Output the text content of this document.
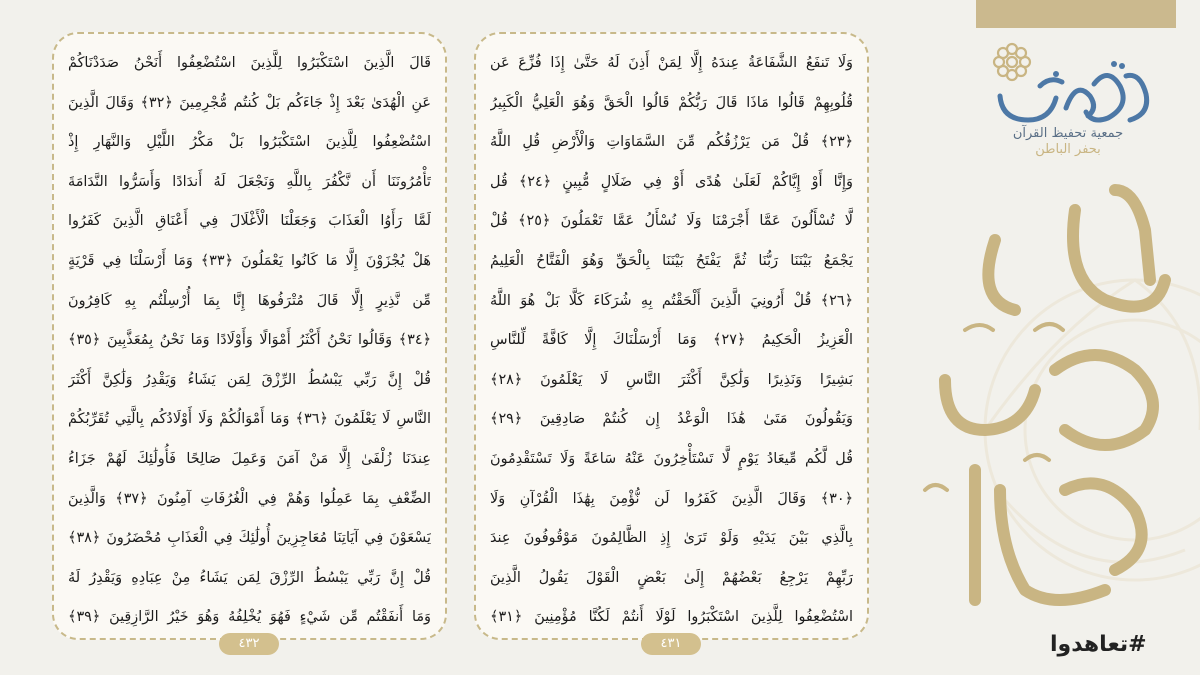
قَالَ الَّذِينَ اسْتَكْبَرُوا لِلَّذِينَ اسْتُضْعِفُوا أَنَحْنُ صَدَدْنَاكُمْ
عَنِ الْهُدَىٰ بَعْدَ إِذْ جَاءَكُم بَلْ كُنتُم مُّجْرِمِينَ ﴿٣٢﴾ وَقَالَ الَّذِينَ
اسْتُضْعِفُوا لِلَّذِينَ اسْتَكْبَرُوا بَلْ مَكْرُ اللَّيْلِ وَالنَّهَارِ إِذْ
تَأْمُرُونَنَا أَن نَّكْفُرَ بِاللَّهِ وَنَجْعَلَ لَهُ أَندَادًا وَأَسَرُّوا النَّدَامَةَ
لَمَّا رَأَوُا الْعَذَابَ وَجَعَلْنَا الْأَغْلَالَ فِي أَعْنَاقِ الَّذِينَ كَفَرُوا
هَلْ يُجْزَوْنَ إِلَّا مَا كَانُوا يَعْمَلُونَ ﴿٣٣﴾ وَمَا أَرْسَلْنَا فِي قَرْيَةٍ
مِّن نَّذِيرٍ إِلَّا قَالَ مُتْرَفُوهَا إِنَّا بِمَا أُرْسِلْتُم بِهِ كَافِرُونَ
﴿٣٤﴾ وَقَالُوا نَحْنُ أَكْثَرُ أَمْوَالًا وَأَوْلَادًا وَمَا نَحْنُ بِمُعَذَّبِينَ ﴿٣٥﴾
قُلْ إِنَّ رَبِّي يَبْسُطُ الرِّزْقَ لِمَن يَشَاءُ وَيَقْدِرُ وَلَٰكِنَّ أَكْثَرَ
النَّاسِ لَا يَعْلَمُونَ ﴿٣٦﴾ وَمَا أَمْوَالُكُمْ وَلَا أَوْلَادُكُم بِالَّتِي تُقَرِّبُكُمْ
عِندَنَا زُلْفَىٰ إِلَّا مَنْ آمَنَ وَعَمِلَ صَالِحًا فَأُولَٰئِكَ لَهُمْ جَزَاءُ
الضِّعْفِ بِمَا عَمِلُوا وَهُمْ فِي الْغُرُفَاتِ آمِنُونَ ﴿٣٧﴾ وَالَّذِينَ
يَسْعَوْنَ فِي آيَاتِنَا مُعَاجِزِينَ أُولَٰئِكَ فِي الْعَذَابِ مُحْضَرُونَ ﴿٣٨﴾
قُلْ إِنَّ رَبِّي يَبْسُطُ الرِّزْقَ لِمَن يَشَاءُ مِنْ عِبَادِهِ وَيَقْدِرُ لَهُ
وَمَا أَنفَقْتُم مِّن شَيْءٍ فَهُوَ يُخْلِفُهُ وَهُوَ خَيْرُ الرَّازِقِينَ ﴿٣٩﴾
٤٣٢
وَلَا تَنفَعُ الشَّفَاعَةُ عِندَهُ إِلَّا لِمَنْ أَذِنَ لَهُ حَتَّىٰ إِذَا فُزِّعَ عَن
قُلُوبِهِمْ قَالُوا مَاذَا قَالَ رَبُّكُمْ قَالُوا الْحَقَّ وَهُوَ الْعَلِيُّ الْكَبِيرُ
﴿٢٣﴾ قُلْ مَن يَرْزُقُكُم مِّنَ السَّمَاوَاتِ وَالْأَرْضِ قُلِ اللَّهُ
وَإِنَّا أَوْ إِيَّاكُمْ لَعَلَىٰ هُدًى أَوْ فِي ضَلَالٍ مُّبِينٍ ﴿٢٤﴾ قُل
لَّا تُسْأَلُونَ عَمَّا أَجْرَمْنَا وَلَا نُسْأَلُ عَمَّا تَعْمَلُونَ ﴿٢٥﴾ قُلْ
يَجْمَعُ بَيْنَنَا رَبُّنَا ثُمَّ يَفْتَحُ بَيْنَنَا بِالْحَقِّ وَهُوَ الْفَتَّاحُ الْعَلِيمُ
﴿٢٦﴾ قُلْ أَرُونِيَ الَّذِينَ أَلْحَقْتُم بِهِ شُرَكَاءَ كَلَّا بَلْ هُوَ اللَّهُ
الْعَزِيزُ الْحَكِيمُ ﴿٢٧﴾ وَمَا أَرْسَلْنَاكَ إِلَّا كَافَّةً لِّلنَّاسِ
بَشِيرًا وَنَذِيرًا وَلَٰكِنَّ أَكْثَرَ النَّاسِ لَا يَعْلَمُونَ ﴿٢٨﴾
وَيَقُولُونَ مَتَىٰ هَٰذَا الْوَعْدُ إِن كُنتُمْ صَادِقِينَ ﴿٢٩﴾
قُل لَّكُم مِّيعَادُ يَوْمٍ لَّا تَسْتَأْخِرُونَ عَنْهُ سَاعَةً وَلَا تَسْتَقْدِمُونَ
﴿٣٠﴾ وَقَالَ الَّذِينَ كَفَرُوا لَن نُّؤْمِنَ بِهَٰذَا الْقُرْآنِ وَلَا
بِالَّذِي بَيْنَ يَدَيْهِ وَلَوْ تَرَىٰ إِذِ الظَّالِمُونَ مَوْقُوفُونَ عِندَ
رَبِّهِمْ يَرْجِعُ بَعْضُهُمْ إِلَىٰ بَعْضٍ الْقَوْلَ يَقُولُ الَّذِينَ
اسْتُضْعِفُوا لِلَّذِينَ اسْتَكْبَرُوا لَوْلَا أَنتُمْ لَكُنَّا مُؤْمِنِينَ ﴿٣١﴾
٤٣١
جمعية تحفيظ القرآن
بحفر الباطن
#تعاهدوا
